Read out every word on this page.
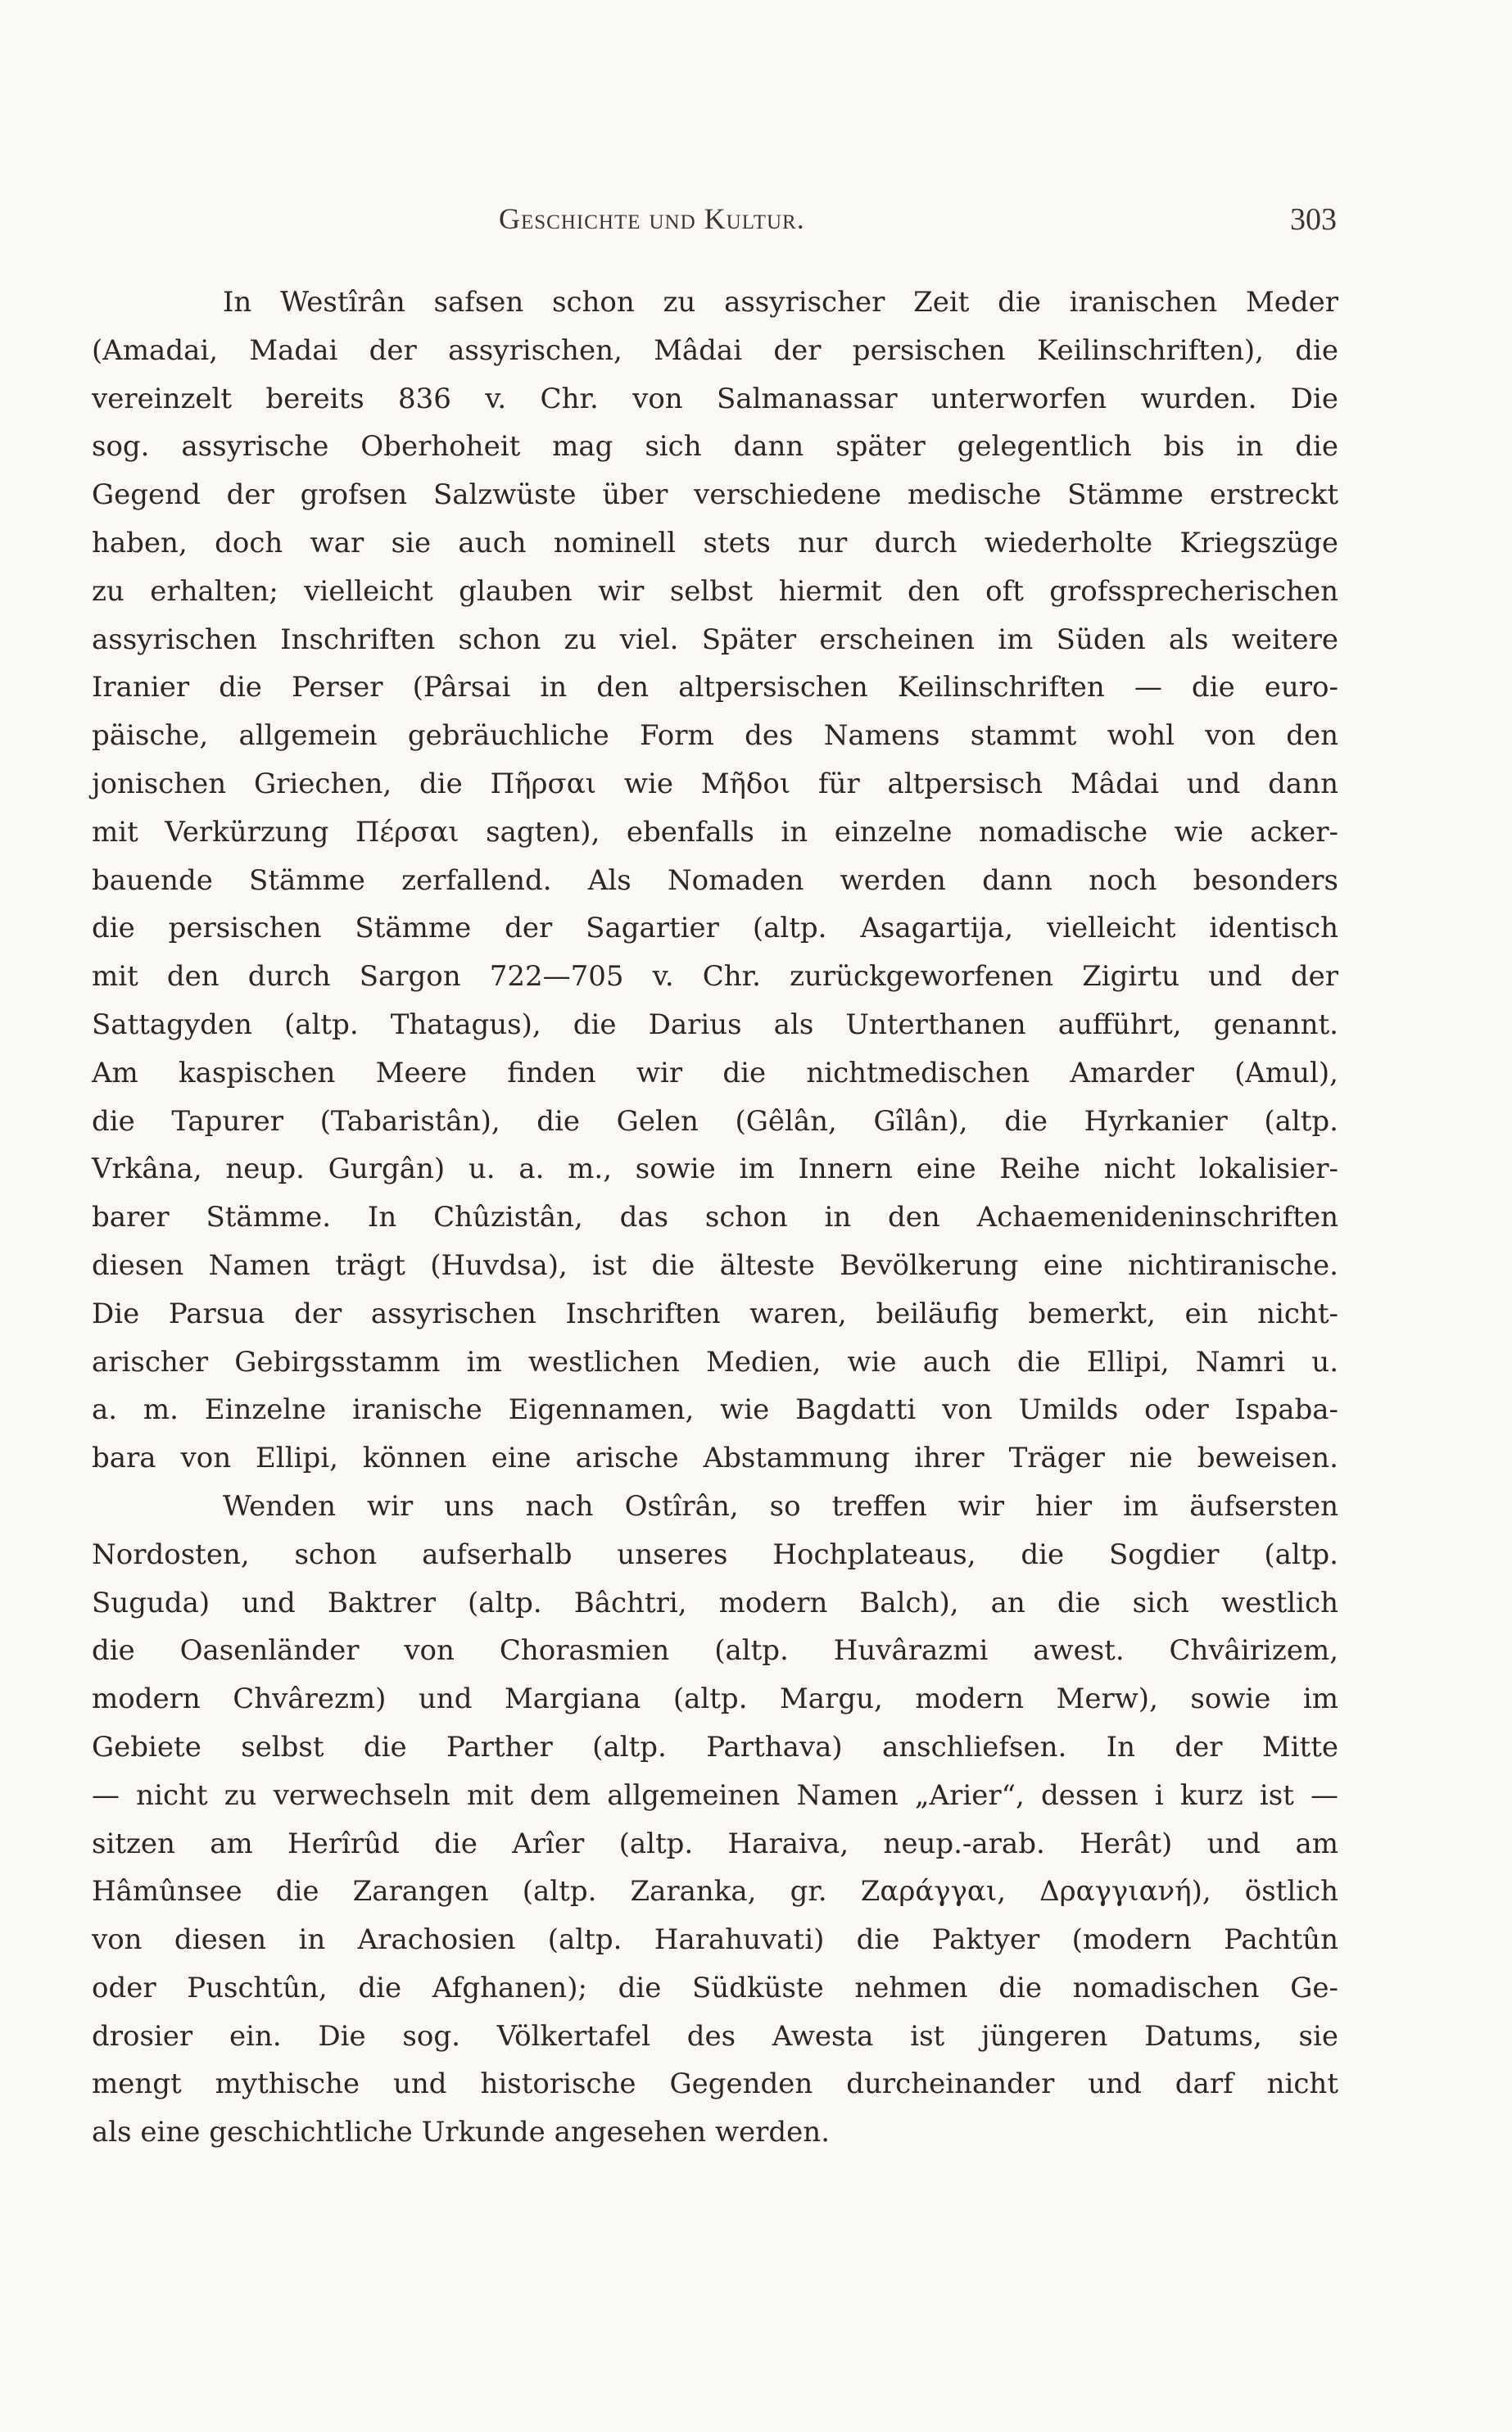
Geschichte und Kultur.	303
In Westîrân safsen schon zu assyrischer Zeit die iranischen Meder
(Amadai, Madai der assyrischen, Mâdai der persischen Keilinschriften), die
vereinzelt bereits 836 v. Chr. von Salmanassar unterworfen wurden. Die
sog. assyrische Oberhoheit mag sich dann später gelegentlich bis in die
Gegend der grofsen Salzwüste über verschiedene medische Stämme erstreckt
haben, doch war sie auch nominell stets nur durch wiederholte Kriegszüge
zu erhalten; vielleicht glauben wir selbst hiermit den oft grofssprecherischen
assyrischen Inschriften schon zu viel. Später erscheinen im Süden als weitere
Iranier die Perser (Pârsai in den altpersischen Keilinschriften — die euro-
päische, allgemein gebräuchliche Form des Namens stammt wohl von den
jonischen Griechen, die Πῆρσαι wie Μῆδοι für altpersisch Mâdai und dann
mit Verkürzung Πέρσαι sagten), ebenfalls in einzelne nomadische wie acker-
bauende Stämme zerfallend. Als Nomaden werden dann noch besonders
die persischen Stämme der Sagartier (altp. Asagartija, vielleicht identisch
mit den durch Sargon 722—705 v. Chr. zurückgeworfenen Zigirtu und der
Sattagyden (altp. Thatagus), die Darius als Unterthanen aufführt, genannt.
Am kaspischen Meere finden wir die nichtmedischen Amarder (Amul),
die Tapurer (Tabaristân), die Gelen (Gêlân, Gîlân), die Hyrkanier (altp.
Vrkâna, neup. Gurgân) u. a. m., sowie im Innern eine Reihe nicht lokalisier-
barer Stämme. In Chûzistân, das schon in den Achaemenideninschriften
diesen Namen trägt (Huvdsa), ist die älteste Bevölkerung eine nichtiranische.
Die Parsua der assyrischen Inschriften waren, beiläufig bemerkt, ein nicht-
arischer Gebirgsstamm im westlichen Medien, wie auch die Ellipi, Namri u.
a. m. Einzelne iranische Eigennamen, wie Bagdatti von Umilds oder Ispaba-
bara von Ellipi, können eine arische Abstammung ihrer Träger nie beweisen.
Wenden wir uns nach Ostîrân, so treffen wir hier im äufsersten
Nordosten, schon aufserhalb unseres Hochplateaus, die Sogdier (altp.
Suguda) und Baktrer (altp. Bâchtri, modern Balch), an die sich westlich
die Oasenländer von Chorasmien (altp. Huvârazmi awest. Chvâirizem,
modern Chvârezm) und Margiana (altp. Margu, modern Merw), sowie im
Gebiete selbst die Parther (altp. Parthava) anschliefsen. In der Mitte
— nicht zu verwechseln mit dem allgemeinen Namen „Arier“, dessen i kurz ist —
sitzen am Herîrûd die Arîer (altp. Haraiva, neup.-arab. Herât) und am
Hâmûnsee die Zarangen (altp. Zaranka, gr. Ζαράγγαι, Δραγγιανή), östlich
von diesen in Arachosien (altp. Harahuvati) die Paktyer (modern Pachtûn
oder Puschtûn, die Afghanen); die Südküste nehmen die nomadischen Ge-
drosier ein. Die sog. Völkertafel des Awesta ist jüngeren Datums, sie
mengt mythische und historische Gegenden durcheinander und darf nicht
als eine geschichtliche Urkunde angesehen werden.
